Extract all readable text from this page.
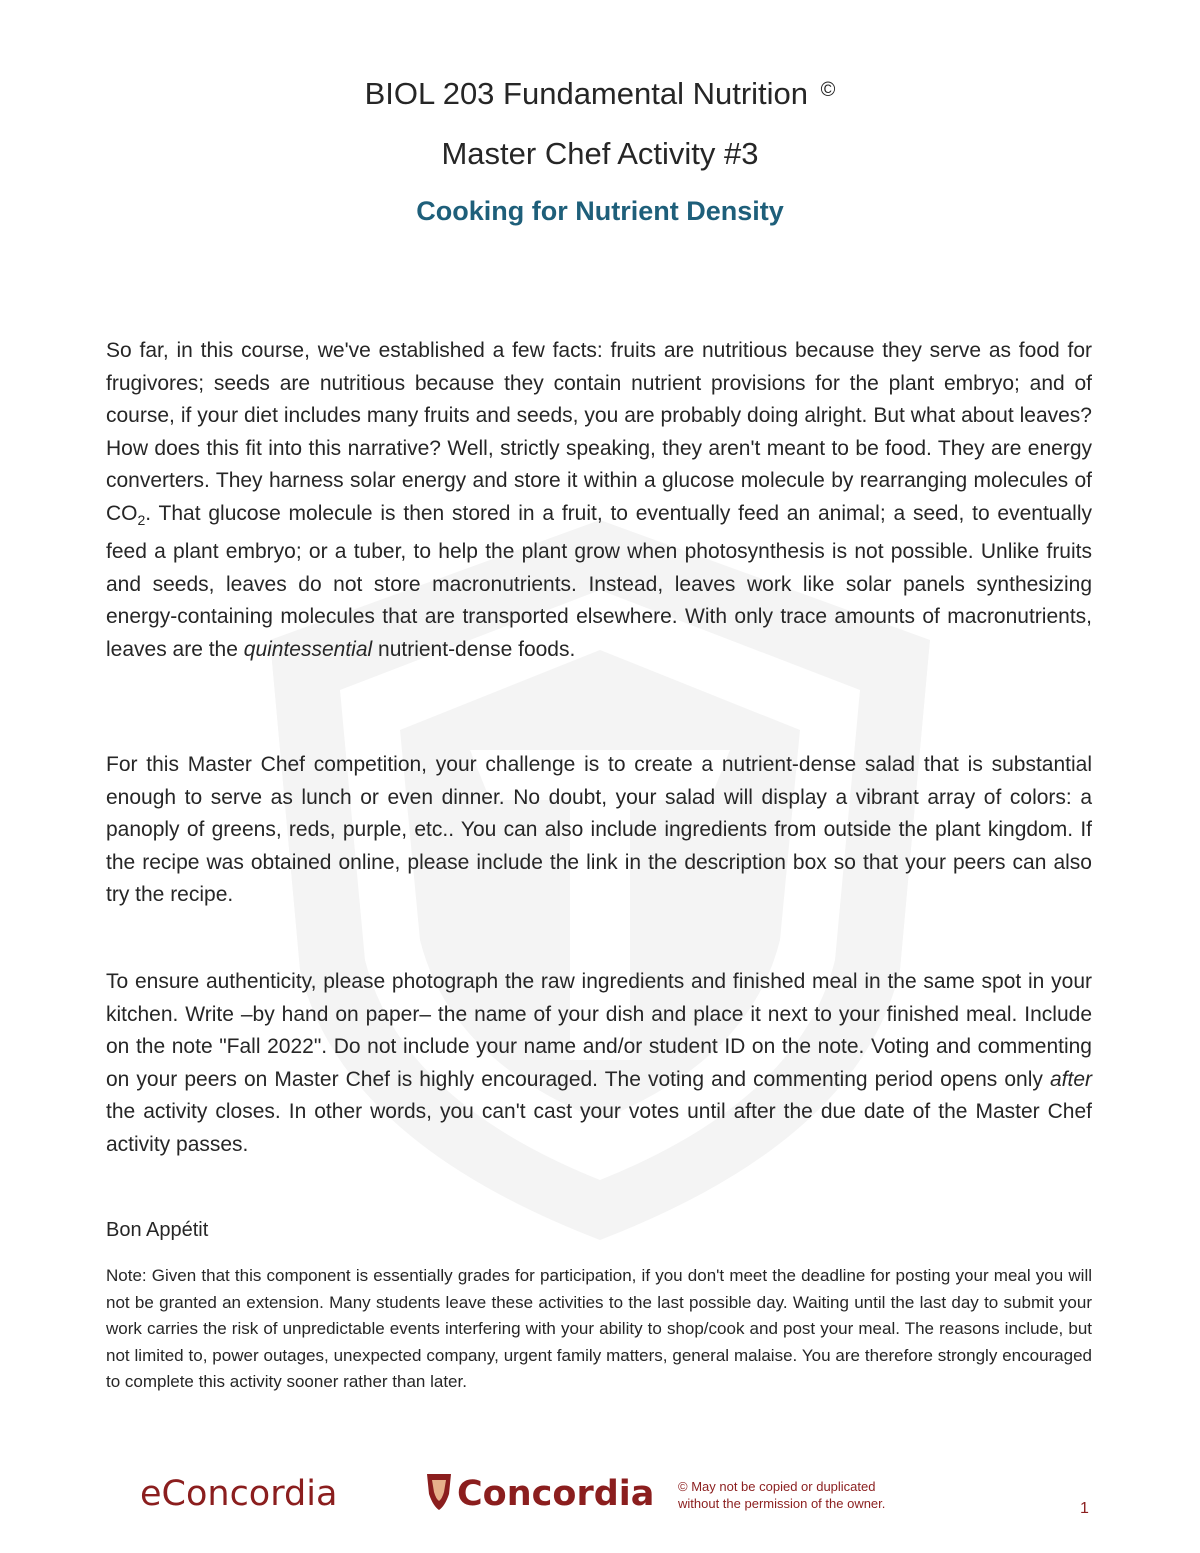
BIOL 203 Fundamental Nutrition ©
Master Chef Activity #3
Cooking for Nutrient Density
So far, in this course, we've established a few facts: fruits are nutritious because they serve as food for frugivores; seeds are nutritious because they contain nutrient provisions for the plant embryo; and of course, if your diet includes many fruits and seeds, you are probably doing alright. But what about leaves? How does this fit into this narrative? Well, strictly speaking, they aren't meant to be food. They are energy converters. They harness solar energy and store it within a glucose molecule by rearranging molecules of $CO_2$. That glucose molecule is then stored in a fruit, to eventually feed an animal; a seed, to eventually feed a plant embryo; or a tuber, to help the plant grow when photosynthesis is not possible. Unlike fruits and seeds, leaves do not store macronutrients. Instead, leaves work like solar panels synthesizing energy-containing molecules that are transported elsewhere. With only trace amounts of macronutrients, leaves are the quintessential nutrient-dense foods.
For this Master Chef competition, your challenge is to create a nutrient-dense salad that is substantial enough to serve as lunch or even dinner. No doubt, your salad will display a vibrant array of colors: a panoply of greens, reds, purple, etc.. You can also include ingredients from outside the plant kingdom. If the recipe was obtained online, please include the link in the description box so that your peers can also try the recipe.
To ensure authenticity, please photograph the raw ingredients and finished meal in the same spot in your kitchen. Write –by hand on paper– the name of your dish and place it next to your finished meal. Include on the note "Fall 2022". Do not include your name and/or student ID on the note. Voting and commenting on your peers on Master Chef is highly encouraged. The voting and commenting period opens only after the activity closes. In other words, you can't cast your votes until after the due date of the Master Chef activity passes.
Bon Appétit
Note: Given that this component is essentially grades for participation, if you don't meet the deadline for posting your meal you will not be granted an extension. Many students leave these activities to the last possible day. Waiting until the last day to submit your work carries the risk of unpredictable events interfering with your ability to shop/cook and post your meal. The reasons include, but not limited to, power outages, unexpected company, urgent family matters, general malaise. You are therefore strongly encouraged to complete this activity sooner rather than later.
eConcordia	Concordia © May not be copied or duplicated
without the permission of the owner.	1
